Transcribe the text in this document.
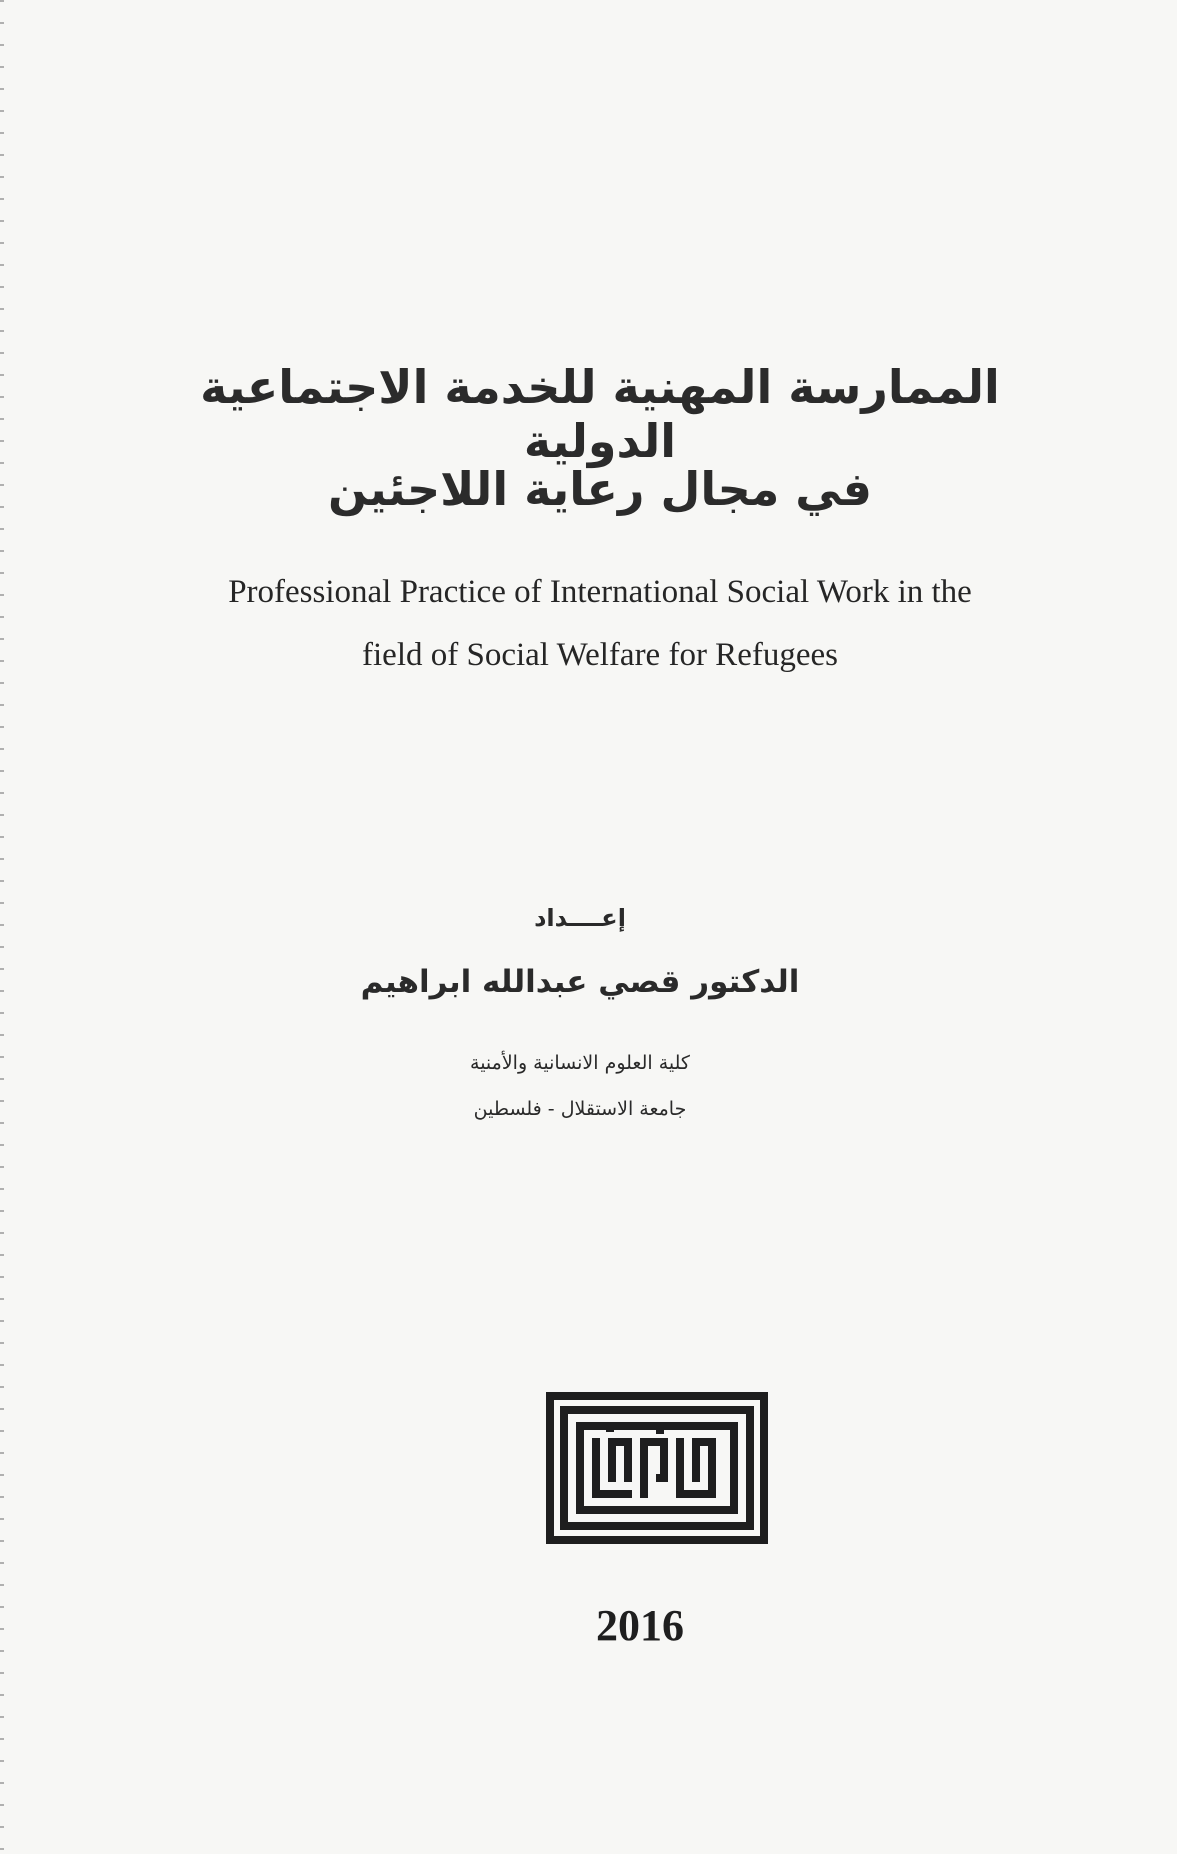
الممارسة المهنية للخدمة الاجتماعية الدولية
في مجال رعاية اللاجئين
Professional Practice of International Social Work in the
field of Social Welfare for Refugees
إعــــداد
الدكتور قصي عبدالله ابراهيم
كلية العلوم الانسانية والأمنية
جامعة الاستقلال - فلسطين
2016
